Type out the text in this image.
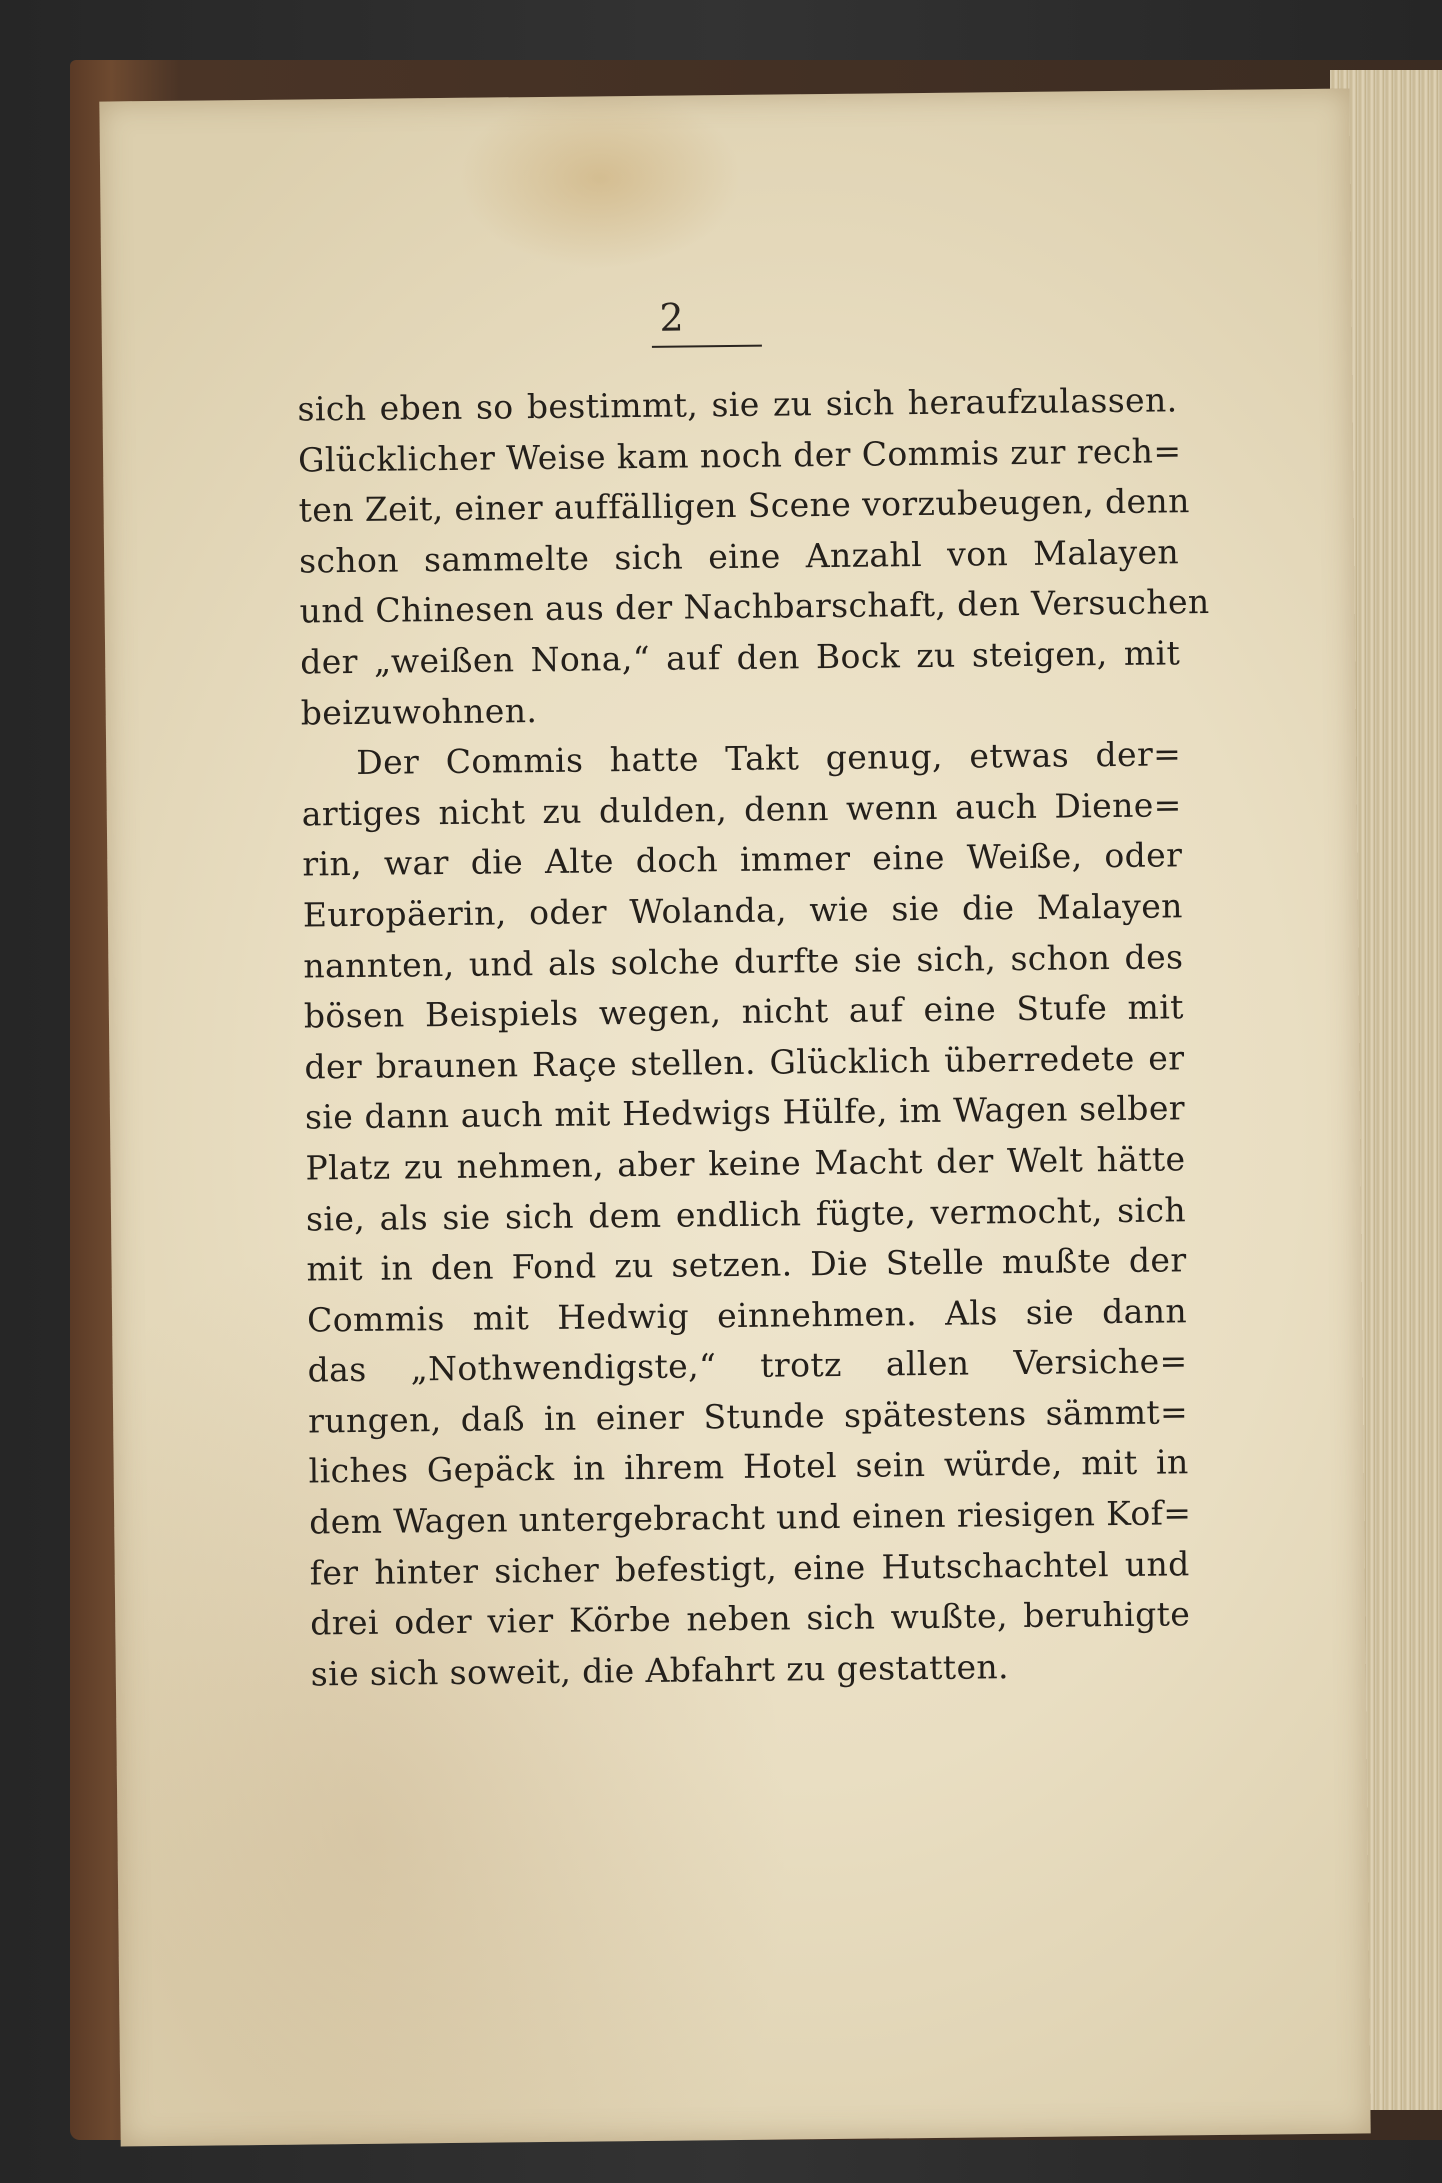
2
sich eben so bestimmt, sie zu sich heraufzulassen.
Glücklicher Weise kam noch der Commis zur rech=
ten Zeit, einer auffälligen Scene vorzubeugen, denn
schon sammelte sich eine Anzahl von Malayen
und Chinesen aus der Nachbarschaft, den Versuchen
der „weißen Nona,“ auf den Bock zu steigen, mit
beizuwohnen.
Der Commis hatte Takt genug, etwas der=
artiges nicht zu dulden, denn wenn auch Diene=
rin, war die Alte doch immer eine Weiße, oder
Europäerin, oder Wolanda, wie sie die Malayen
nannten, und als solche durfte sie sich, schon des
bösen Beispiels wegen, nicht auf eine Stufe mit
der braunen Raçe stellen. Glücklich überredete er
sie dann auch mit Hedwigs Hülfe, im Wagen selber
Platz zu nehmen, aber keine Macht der Welt hätte
sie, als sie sich dem endlich fügte, vermocht, sich
mit in den Fond zu setzen. Die Stelle mußte der
Commis mit Hedwig einnehmen. Als sie dann
das „Nothwendigste,“ trotz allen Versiche=
rungen, daß in einer Stunde spätestens sämmt=
liches Gepäck in ihrem Hotel sein würde, mit in
dem Wagen untergebracht und einen riesigen Kof=
fer hinter sicher befestigt, eine Hutschachtel und
drei oder vier Körbe neben sich wußte, beruhigte
sie sich soweit, die Abfahrt zu gestatten.
